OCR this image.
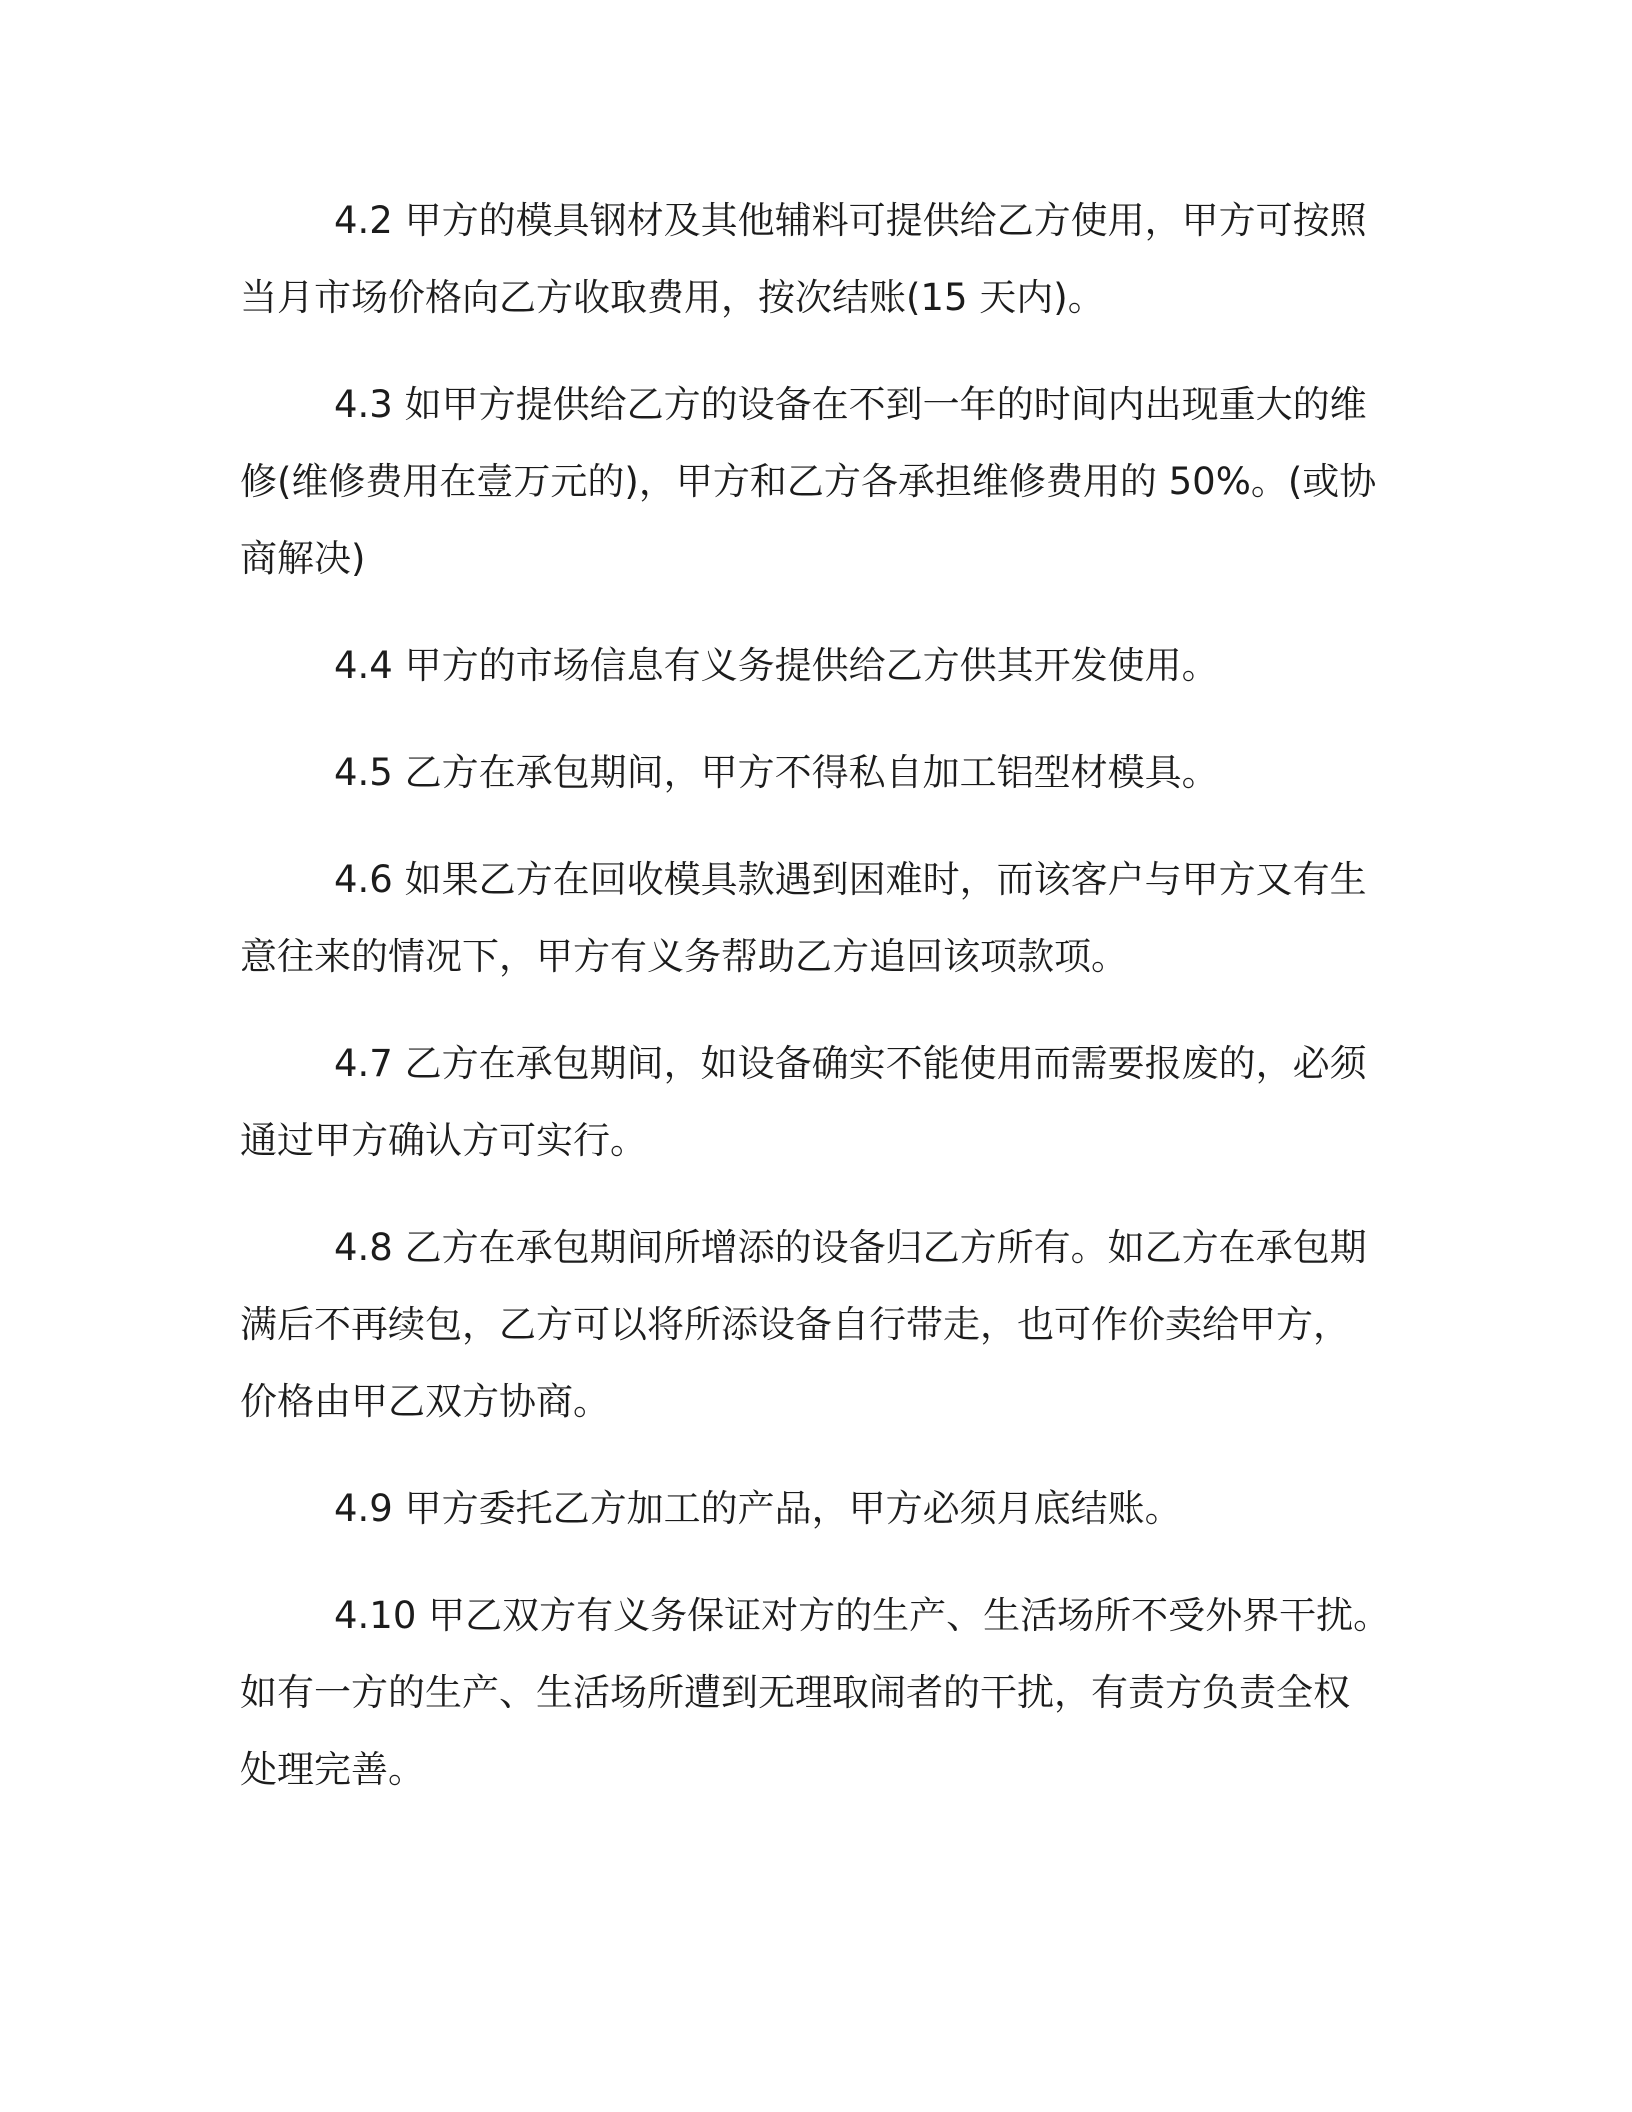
4.2 甲方的模具钢材及其他辅料可提供给乙方使用，甲方可按照
当月市场价格向乙方收取费用，按次结账(15 天内)。

4.3 如甲方提供给乙方的设备在不到一年的时间内出现重大的维
修(维修费用在壹万元的)，甲方和乙方各承担维修费用的 50%。(或协
商解决)

4.4 甲方的市场信息有义务提供给乙方供其开发使用。

4.5 乙方在承包期间，甲方不得私自加工铝型材模具。

4.6 如果乙方在回收模具款遇到困难时，而该客户与甲方又有生
意往来的情况下，甲方有义务帮助乙方追回该项款项。

4.7 乙方在承包期间，如设备确实不能使用而需要报废的，必须
通过甲方确认方可实行。

4.8 乙方在承包期间所增添的设备归乙方所有。如乙方在承包期
满后不再续包，乙方可以将所添设备自行带走，也可作价卖给甲方，
价格由甲乙双方协商。

4.9 甲方委托乙方加工的产品，甲方必须月底结账。

4.10 甲乙双方有义务保证对方的生产、生活场所不受外界干扰。
如有一方的生产、生活场所遭到无理取闹者的干扰，有责方负责全权
处理完善。
